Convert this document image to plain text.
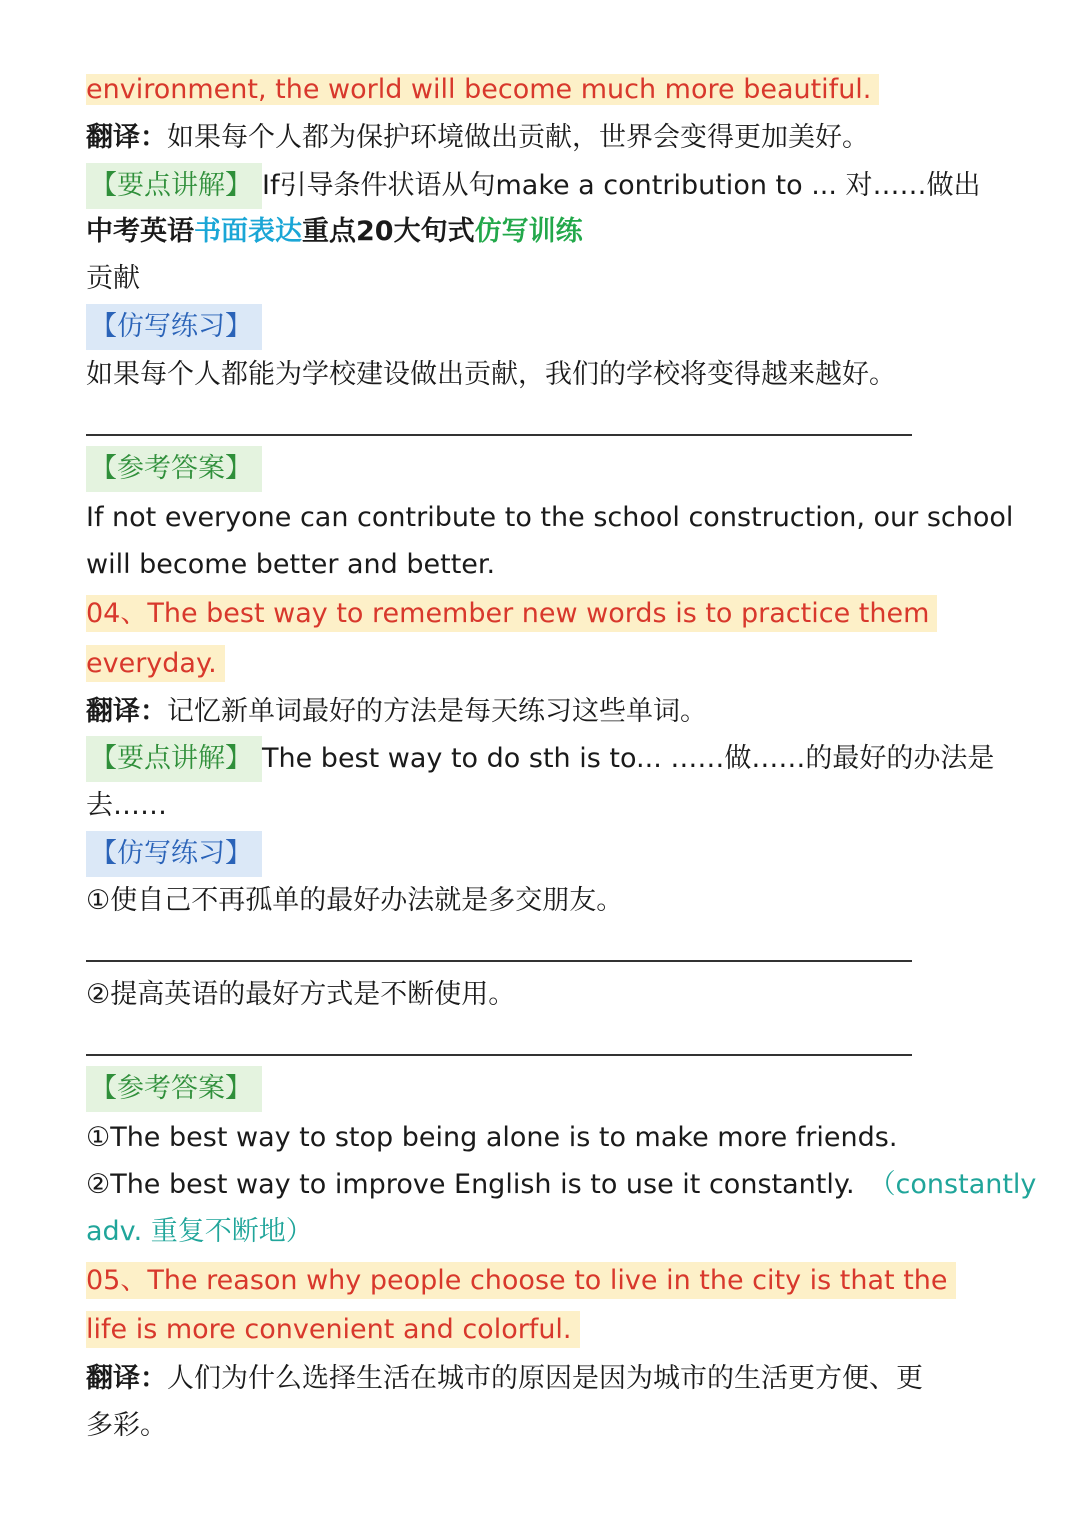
environment, the world will become much more beautiful.
翻译：如果每个人都为保护环境做出贡献，世界会变得更加美好。
【要点讲解】 If引导条件状语从句make a contribution to ... 对……做出
中考英语书面表达重点20大句式仿写训练
贡献
【仿写练习】
如果每个人都能为学校建设做出贡献，我们的学校将变得越来越好。
【参考答案】
If not everyone can contribute to the school construction, our school
will become better and better.
04、The best way to remember new words is to practice them
everyday.
翻译：记忆新单词最好的方法是每天练习这些单词。
【要点讲解】 The best way to do sth is to... ……做……的最好的办法是
去……
【仿写练习】
①使自己不再孤单的最好办法就是多交朋友。
②提高英语的最好方式是不断使用。
【参考答案】
①The best way to stop being alone is to make more friends.
②The best way to improve English is to use it constantly. （constantly
adv. 重复不断地）
05、The reason why people choose to live in the city is that the
life is more convenient and colorful.
翻译：人们为什么选择生活在城市的原因是因为城市的生活更方便、更
多彩。
